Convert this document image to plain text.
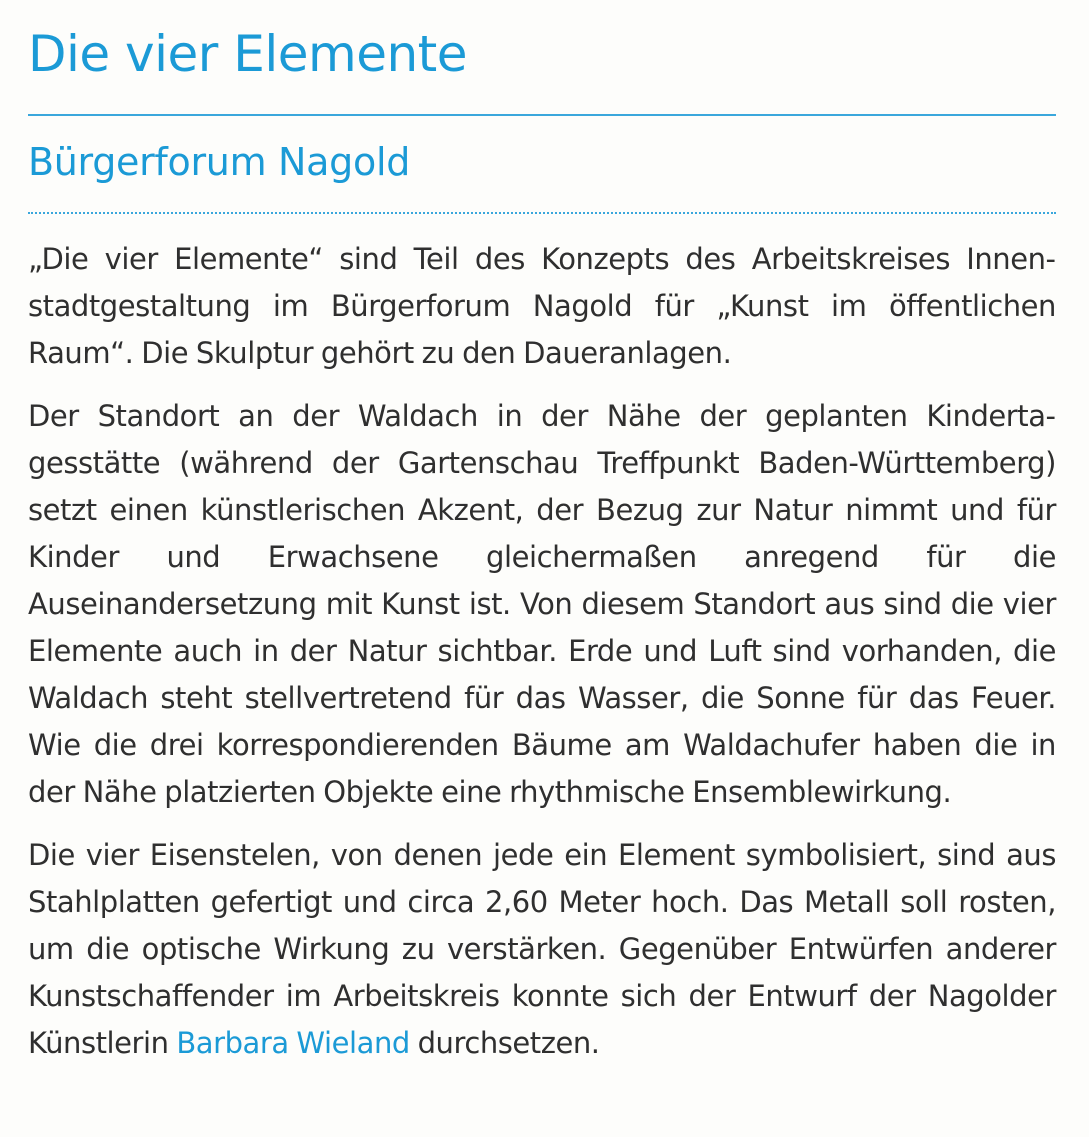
Die vier Elemente
Bürgerforum Nagold

„Die vier Elemente“ sind Teil des Konzepts des Arbeitskreises Innenstadtgestaltung im Bürgerforum Nagold für „Kunst im öffentlichen Raum“. Die Skulptur gehört zu den Daueranlagen.

Der Standort an der Waldach in der Nähe der geplanten Kindertagesstätte (während der Gartenschau Treffpunkt Baden-Württemberg) setzt einen künstlerischen Akzent, der Bezug zur Natur nimmt und für Kinder und Erwachsene gleichermaßen anregend für die Auseinandersetzung mit Kunst ist. Von diesem Standort aus sind die vier Elemente auch in der Natur sichtbar. Erde und Luft sind vorhanden, die Waldach steht stellvertretend für das Wasser, die Sonne für das Feuer. Wie die drei korrespondierenden Bäume am Waldachufer haben die in der Nähe platzierten Objekte eine rhythmische Ensemblewirkung.

Die vier Eisenstelen, von denen jede ein Element symbolisiert, sind aus Stahlplatten gefertigt und circa 2,60 Meter hoch. Das Metall soll rosten, um die optische Wirkung zu verstärken. Gegenüber Entwürfen anderer Kunstschaffender im Arbeitskreis konnte sich der Entwurf der Nagolder Künstlerin Barbara Wieland durchsetzen.
